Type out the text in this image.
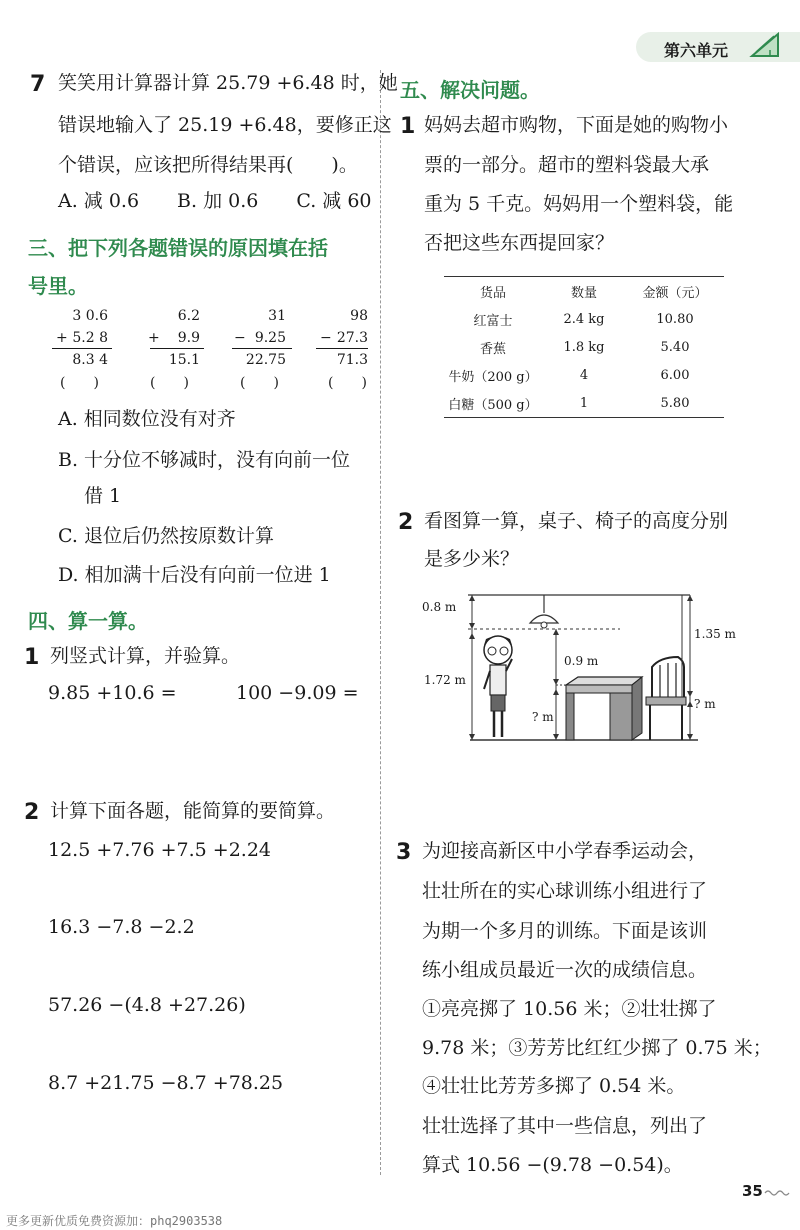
第六单元
7 笑笑用计算器计算 25.79 +6.48 时，她
错误地输入了 25.19 +6.48，要修正这
个错误，应该把所得结果再(　　)。
A. 减 0.6　　B. 加 0.6　　C. 减 60
三、把下列各题错误的原因填在括
号里。
3 0.6
+ 5.2 8
8.3 4
(　　)
6.2
+ 9.9
15.1
(　　)
31
− 9.25
22.75
(　　)
98
− 27.3
71.3
(　　)
A. 相同数位没有对齐
B. 十分位不够减时，没有向前一位
借 1
C. 退位后仍然按原数计算
D. 相加满十后没有向前一位进 1
四、算一算。
1 列竖式计算，并验算。
9.85 +10.6 =	100 −9.09 =
2 计算下面各题，能简算的要简算。
12.5 +7.76 +7.5 +2.24
16.3 −7.8 −2.2
57.26 −(4.8 +27.26)
8.7 +21.75 −8.7 +78.25
五、解决问题。
1 妈妈去超市购物，下面是她的购物小
票的一部分。超市的塑料袋最大承
重为 5 千克。妈妈用一个塑料袋，能
否把这些东西提回家？
货品	数量	金额（元）
红富士	2.4 kg	10.80
香蕉	1.8 kg	5.40
牛奶（200 g）	4	6.00
白糖（500 g）	1	5.80
2 看图算一算，桌子、椅子的高度分别
是多少米？
0.8 m
1.72 m
0.9 m
1.35 m
? m
? m
3 为迎接高新区中小学春季运动会，
壮壮所在的实心球训练小组进行了
为期一个多月的训练。下面是该训
练小组成员最近一次的成绩信息。
①亮亮掷了 10.56 米；②壮壮掷了
9.78 米；③芳芳比红红少掷了 0.75 米；
④壮壮比芳芳多掷了 0.54 米。
壮壮选择了其中一些信息，列出了
算式 10.56 −(9.78 −0.54)。
更多更新优质免费资源加：phq2903538
35
